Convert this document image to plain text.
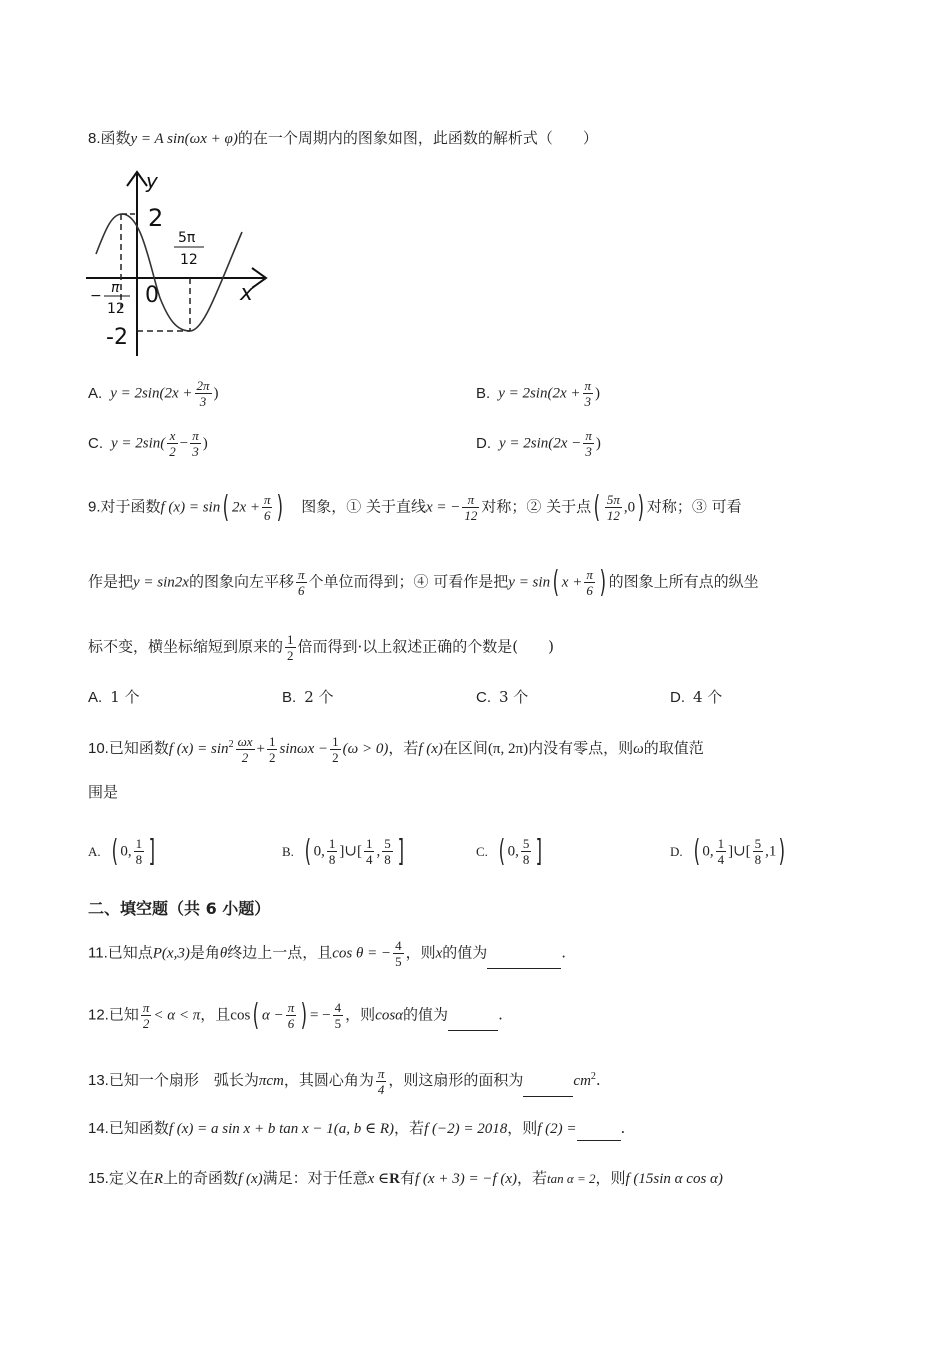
8.函数y = A sin(ωx + φ)的在一个周期内的图象如图，此函数的解析式（　　）
y
x
2
0
-2
− π
12
5π
12
A. $y = 2\sin(2x + \frac{2\pi}{3}$ )	B. $y = 2\sin(2x + \frac{\pi}{3}$ )
C. $y = 2\sin( \frac{x}{2} - \frac{\pi}{3}$ )	D. $y = 2\sin(2x - \frac{\pi}{3}$ )
9.对于函数f (x) = sin( $2x + \frac{\pi}{6}$ )　图象，① 关于直线x = − $\frac{\pi}{12}$ 对称；② 关于点( $\frac{5\pi}{12} ,0$) 对称；③ 可看
作是把y = sin2x的图象向左平移 $\frac{\pi}{6}$ 个单位而得到；④ 可看作是把y = sin( $x + \frac{\pi}{6}$ ) 的图象上所有点的纵坐
标不变，横坐标缩短到原来的 $\frac{1}{2}$ 倍而得到·以上叙述正确的个数是(　　)
A. 1 个	B. 2 个	C. 3 个	D. 4 个
10.已知函数f $(x) = \sin^2 \frac{\omega x}{2} + \frac{1}{2}$ $\sin\omega x - \frac{1}{2} (\omega > 0)$，若f (x)在区间(π, 2π)内没有零点，则ω的取值范
围是
A. ( 0, $\frac{1}{8}$ ]	B. ( 0, $\frac{1}{8}$ ]∪[ $\frac{1}{4}$ , $\frac{5}{8}$ ]	C. ( 0, $\frac{5}{8}$ ]	D. ( 0, $\frac{1}{4}$ ]∪[ $\frac{5}{8} ,1$)
二、填空题（共 6 小题）
11.已知点P(x,3)是角θ终边上一点，且cos θ = − $\frac{4}{5}$ ，则x的值为	.
12.已知 $\frac{\pi}{2} < \alpha < \pi$，且cos( $\alpha - \frac{\pi}{6}$ ) = − $\frac{4}{5}$ ，则cosα的值为	.
13.已知一个扇形　弧长为πcm，其圆心角为 $\frac{\pi}{4}$ ，则这扇形的面积为	$cm^2$.
14.已知函数f (x) = a sin x + b tan x − 1(a, b ∈ R)，若f (−2) = 2018，则f (2) =	.
15.定义在R上的奇函数f (x)满足：对于任意x ∈R有f (x + 3) = −f (x)，若tan α = 2，则f (15sin α cos α)
